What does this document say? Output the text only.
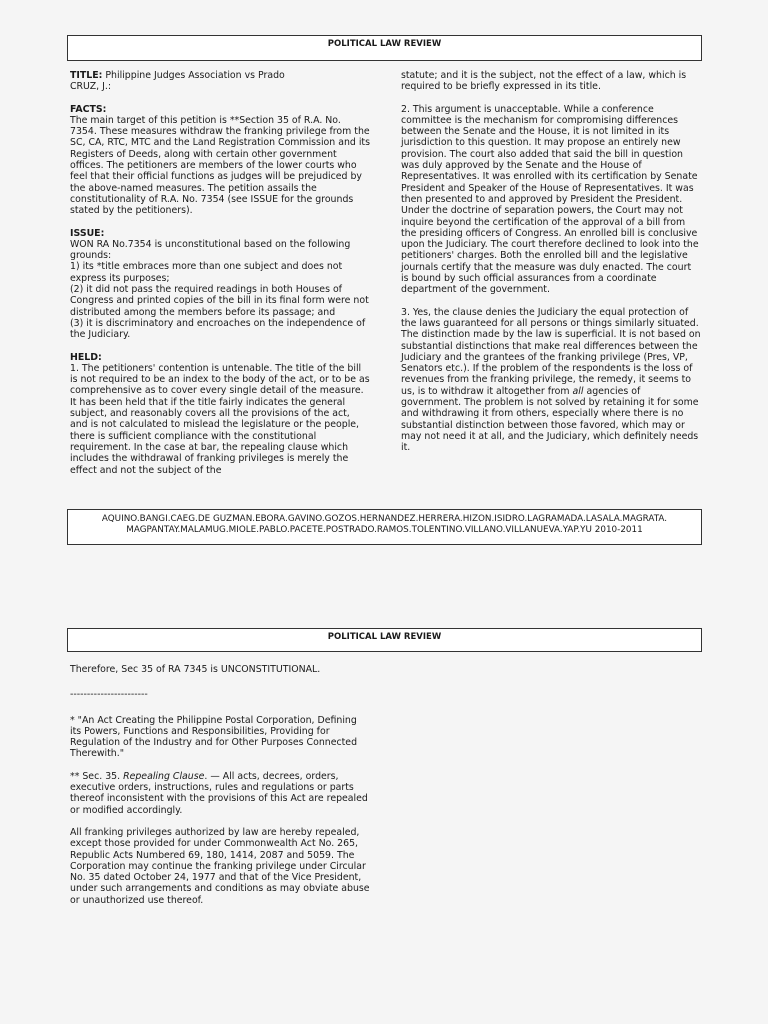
POLITICAL LAW REVIEW

TITLE: Philippine Judges Association vs Prado

CRUZ, J.:

FACTS:

The main target of this petition is **Section 35 of R.A. No. 7354. These measures withdraw the franking privilege from the SC, CA, RTC, MTC and the Land Registration Commission and its Registers of Deeds, along with certain other government offices. The petitioners are members of the lower courts who feel that their official functions as judges will be prejudiced by the above-named measures. The petition assails the constitutionality of R.A. No. 7354 (see ISSUE for the grounds stated by the petitioners).

ISSUE:
WON RA No.7354 is unconstitutional based on the following grounds:
1) its *title embraces more than one subject and does not express its purposes;
(2) it did not pass the required readings in both Houses of Congress and printed copies of the bill in its final form were not distributed among the members before its passage; and

(3) it is discriminatory and encroaches on the independence of the Judiciary.

HELD:
1. The petitioners' contention is untenable. The title of the bill is not required to be an index to the body of the act, or to be as comprehensive as to cover every single detail of the measure. It has been held that if the title fairly indicates the general subject, and reasonably covers all the provisions of the act, and is not calculated to mislead the legislature or the people, there is sufficient compliance with the constitutional requirement. In the case at bar, the repealing clause which includes the withdrawal of franking privileges is merely the effect and not the subject of the

statute; and it is the subject, not the effect of a law, which is required to be briefly expressed in its title.

2. This argument is unacceptable. While a conference committee is the mechanism for compromising differences between the Senate and the House, it is not limited in its jurisdiction to this question. It may propose an entirely new provision. The court also added that said the bill in question was duly approved by the Senate and the House of Representatives. It was enrolled with its certification by Senate President and Speaker of the House of Representatives. It was then presented to and approved by President the President. Under the doctrine of separation powers, the Court may not inquire beyond the certification of the approval of a bill from the presiding officers of Congress. An enrolled bill is conclusive upon the Judiciary. The court therefore declined to look into the petitioners' charges. Both the enrolled bill and the legislative journals certify that the measure was duly enacted. The court is bound by such official assurances from a coordinate department of the government.

3. Yes, the clause denies the Judiciary the equal protection of the laws guaranteed for all persons or things similarly situated. The distinction made by the law is superficial. It is not based on substantial distinctions that make real differences between the Judiciary and the grantees of the franking privilege (Pres, VP, Senators etc.). If the problem of the respondents is the loss of revenues from the franking privilege, the remedy, it seems to us, is to withdraw it altogether from all agencies of government. The problem is not solved by retaining it for some and withdrawing it from others, especially where there is no substantial distinction between those favored, which may or may not need it at all, and the Judiciary, which definitely needs it.

AQUINO.BANGI.CAEG.DE GUZMAN.EBORA.GAVINO.GOZOS.HERNANDEZ.HERRERA.HIZON.ISIDRO.LAGRAMADA.LASALA.MAGRATA.
MAGPANTAY.MALAMUG.MIOLE.PABLO.PACETE.POSTRADO.RAMOS.TOLENTINO.VILLANO.VILLANUEVA.YAP.YU 2010-2011
POLITICAL LAW REVIEW

Therefore, Sec 35 of RA 7345 is UNCONSTITUTIONAL.

-----------------------

* "An Act Creating the Philippine Postal Corporation, Defining its Powers, Functions and Responsibilities, Providing for Regulation of the Industry and for Other Purposes Connected Therewith."

** Sec. 35. Repealing Clause. — All acts, decrees, orders, executive orders, instructions, rules and regulations or parts thereof inconsistent with the provisions of this Act are repealed or modified accordingly.

All franking privileges authorized by law are hereby repealed, except those provided for under Commonwealth Act No. 265, Republic Acts Numbered 69, 180, 1414, 2087 and 5059. The Corporation may continue the franking privilege under Circular No. 35 dated October 24, 1977 and that of the Vice President, under such arrangements and conditions as may obviate abuse or unauthorized use thereof.
